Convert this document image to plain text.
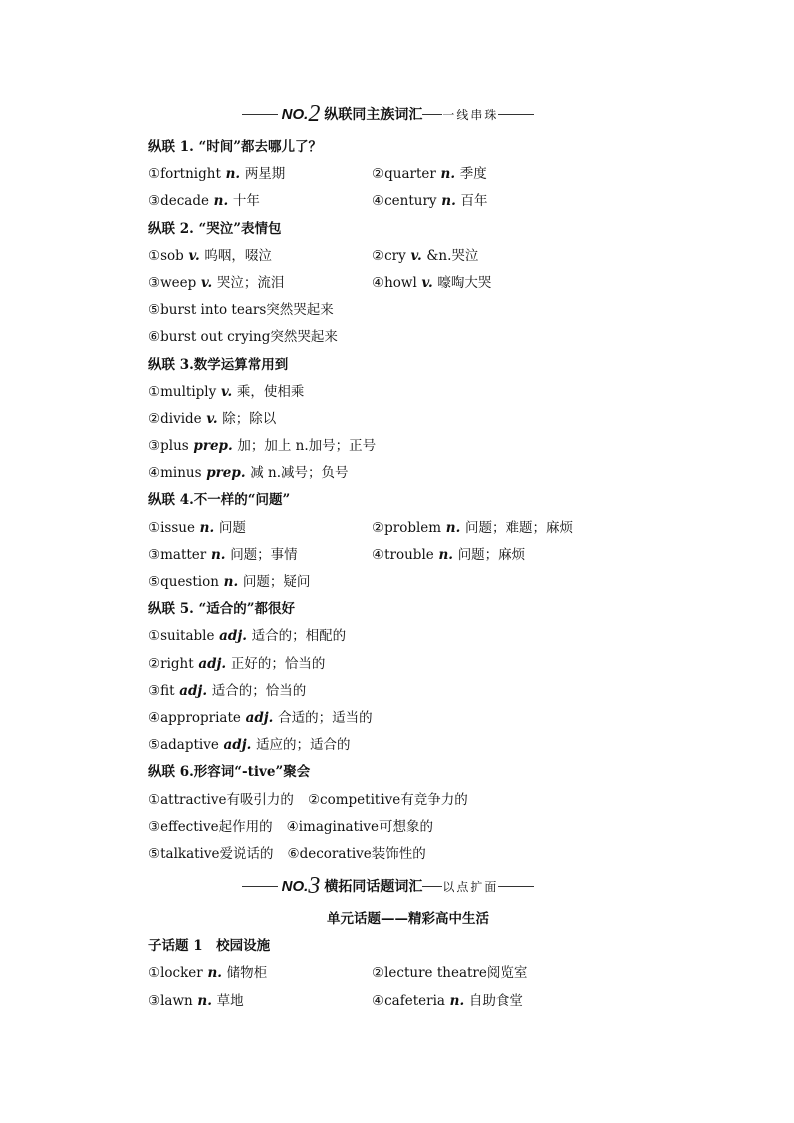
NO. 2 纵联同主族词汇 一线串珠
纵联 1. “时间”都去哪儿了？
①fortnight n. 两星期	②quarter n. 季度
③decade n. 十年	④century n. 百年
纵联 2. “哭泣”表情包
①sob v. 呜咽，啜泣	②cry v. &n.哭泣
③weep v. 哭泣；流泪	④howl v. 嚎啕大哭
⑤burst into tears突然哭起来
⑥burst out crying突然哭起来
纵联 3.数学运算常用到
①multiply v. 乘，使相乘
②divide v. 除；除以
③plus prep. 加；加上 n.加号；正号
④minus prep. 减 n.减号；负号
纵联 4.不一样的“问题”
①issue n. 问题	②problem n. 问题；难题；麻烦
③matter n. 问题；事情	④trouble n. 问题；麻烦
⑤question n. 问题；疑问
纵联 5. “适合的”都很好
①suitable adj. 适合的；相配的
②right adj. 正好的；恰当的
③fit adj. 适合的；恰当的
④appropriate adj. 合适的；适当的
⑤adaptive adj. 适应的；适合的
纵联 6.形容词“-tive”聚会
①attractive有吸引力的 ②competitive有竞争力的
③effective起作用的 ④imaginative可想象的
⑤talkative爱说话的 ⑥decorative装饰性的
NO. 3 横拓同话题词汇 以点扩面
单元话题——精彩高中生活
子话题 1　校园设施
①locker n. 储物柜	②lecture theatre阅览室
③lawn n. 草地	④cafeteria n. 自助食堂
